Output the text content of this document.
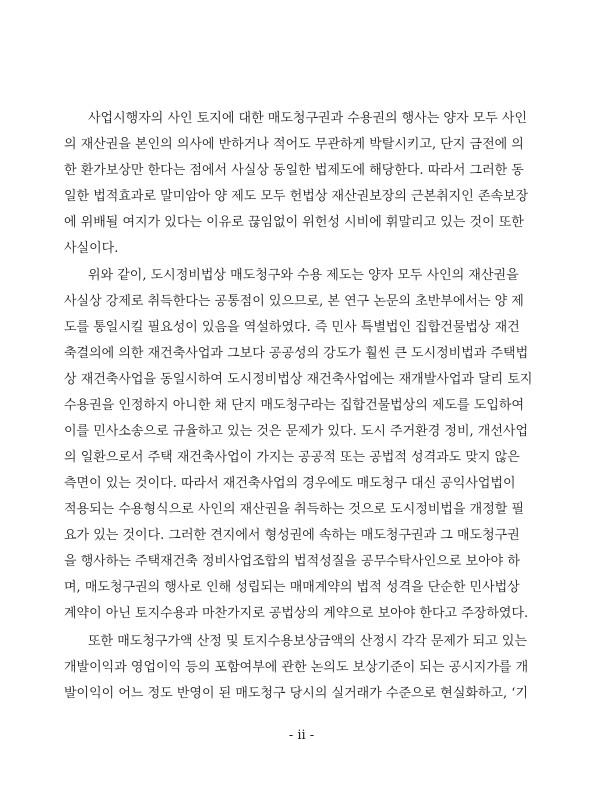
사업시행자의 사인 토지에 대한 매도청구권과 수용권의 행사는 양자 모두 사인
의 재산권을 본인의 의사에 반하거나 적어도 무관하게 박탈시키고, 단지 금전에 의
한 환가보상만 한다는 점에서 사실상 동일한 법제도에 해당한다. 따라서 그러한 동
일한 법적효과로 말미암아 양 제도 모두 헌법상 재산권보장의 근본취지인 존속보장
에 위배될 여지가 있다는 이유로 끊임없이 위헌성 시비에 휘말리고 있는 것이 또한
사실이다.
위와 같이, 도시정비법상 매도청구와 수용 제도는 양자 모두 사인의 재산권을
사실상 강제로 취득한다는 공통점이 있으므로, 본 연구 논문의 초반부에서는 양 제
도를 통일시킬 필요성이 있음을 역설하였다. 즉 민사 특별법인 집합건물법상 재건
축결의에 의한 재건축사업과 그보다 공공성의 강도가 훨씬 큰 도시정비법과 주택법
상 재건축사업을 동일시하여 도시정비법상 재건축사업에는 재개발사업과 달리 토지
수용권을 인정하지 아니한 채 단지 매도청구라는 집합건물법상의 제도를 도입하여
이를 민사소송으로 규율하고 있는 것은 문제가 있다. 도시 주거환경 정비, 개선사업
의 일환으로서 주택 재건축사업이 가지는 공공적 또는 공법적 성격과도 맞지 않은
측면이 있는 것이다. 따라서 재건축사업의 경우에도 매도청구 대신 공익사업법이
적용되는 수용형식으로 사인의 재산권을 취득하는 것으로 도시정비법을 개정할 필
요가 있는 것이다. 그러한 견지에서 형성권에 속하는 매도청구권과 그 매도청구권
을 행사하는 주택재건축 정비사업조합의 법적성질을 공무수탁사인으로 보아야 하
며, 매도청구권의 행사로 인해 성립되는 매매계약의 법적 성격을 단순한 민사법상
계약이 아닌 토지수용과 마찬가지로 공법상의 계약으로 보아야 한다고 주장하였다.
또한 매도청구가액 산정 및 토지수용보상금액의 산정시 각각 문제가 되고 있는
개발이익과 영업이익 등의 포함여부에 관한 논의도 보상기준이 되는 공시지가를 개
발이익이 어느 정도 반영이 된 매도청구 당시의 실거래가 수준으로 현실화하고, ‘기
- ii -
